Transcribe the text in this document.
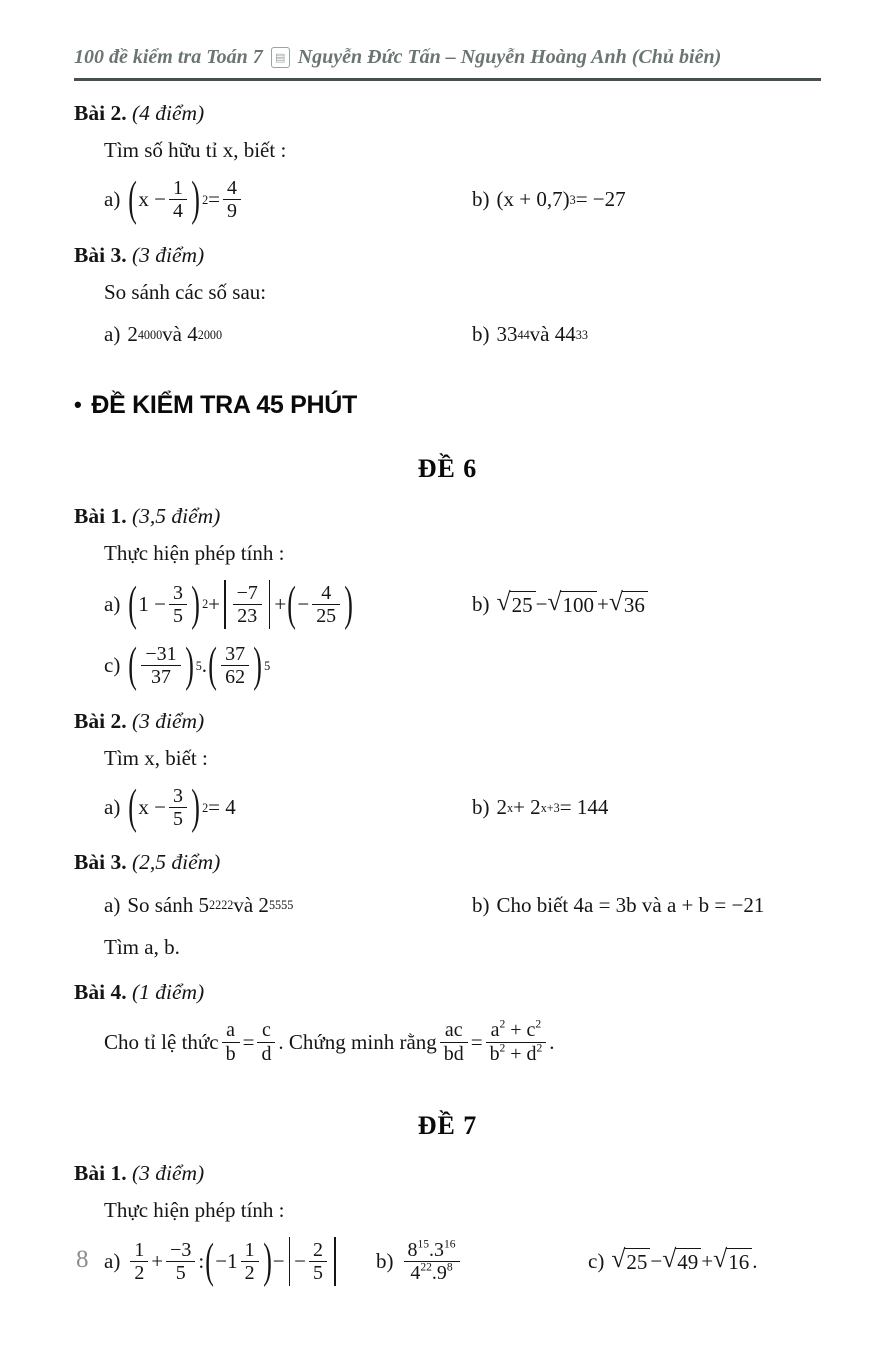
100 đề kiểm tra Toán 7	▤ Nguyễn Đức Tấn – Nguyễn Hoàng Anh (Chủ biên)
Bài 2. (4 điểm)
Tìm số hữu tỉ x, biết :
a) ( $x - \frac{1}{4}$ ) $2 = \frac{4}{9}$	b) (x + 0,7) 3 = −27
Bài 3. (3 điểm)
So sánh các số sau:
a) 2 4000 và 4 2000	b) 33 44 và 44 33
• ĐỀ KIỂM TRA 45 PHÚT
ĐỀ 6
Bài 1. (3,5 điểm)
Thực hiện phép tính :
a) ( $1 - \frac{3}{5}$ ) $2 + \frac{-7}{23}$ + ( − $\frac{4}{25}$ )	b) √25 − √100 + √36
c) ( $\frac{-31}{37}$ ) 5 . ( $\frac{37}{62}$ ) 5
Bài 2. (3 điểm)
Tìm x, biết :
a) ( $x - \frac{3}{5}$ ) 2 = 4	b) 2 x + 2 x+3 = 144
Bài 3. (2,5 điểm)
a) So sánh 5 2222 và 2 5555	b) Cho biết 4a = 3b và a + b = −21
Tìm a, b.
Bài 4. (1 điểm)
Cho tỉ lệ thức $\frac{a}{b} = \frac{c}{d}$ . Chứng minh rằng $\frac{ac}{bd} = \frac{a^2 + c^2}{b^2 + d^2}$ .
ĐỀ 7
Bài 1. (3 điểm)
Thực hiện phép tính :
$a) \frac{1}{2} + \frac{-3}{5}$ : ( $-1 \frac{1}{2}$ ) − − $\frac{2}{5} b) \frac{8^{15}.3^{16}}{4^{22}.9^8}$	c) √25 − √49 + √16 .
8
